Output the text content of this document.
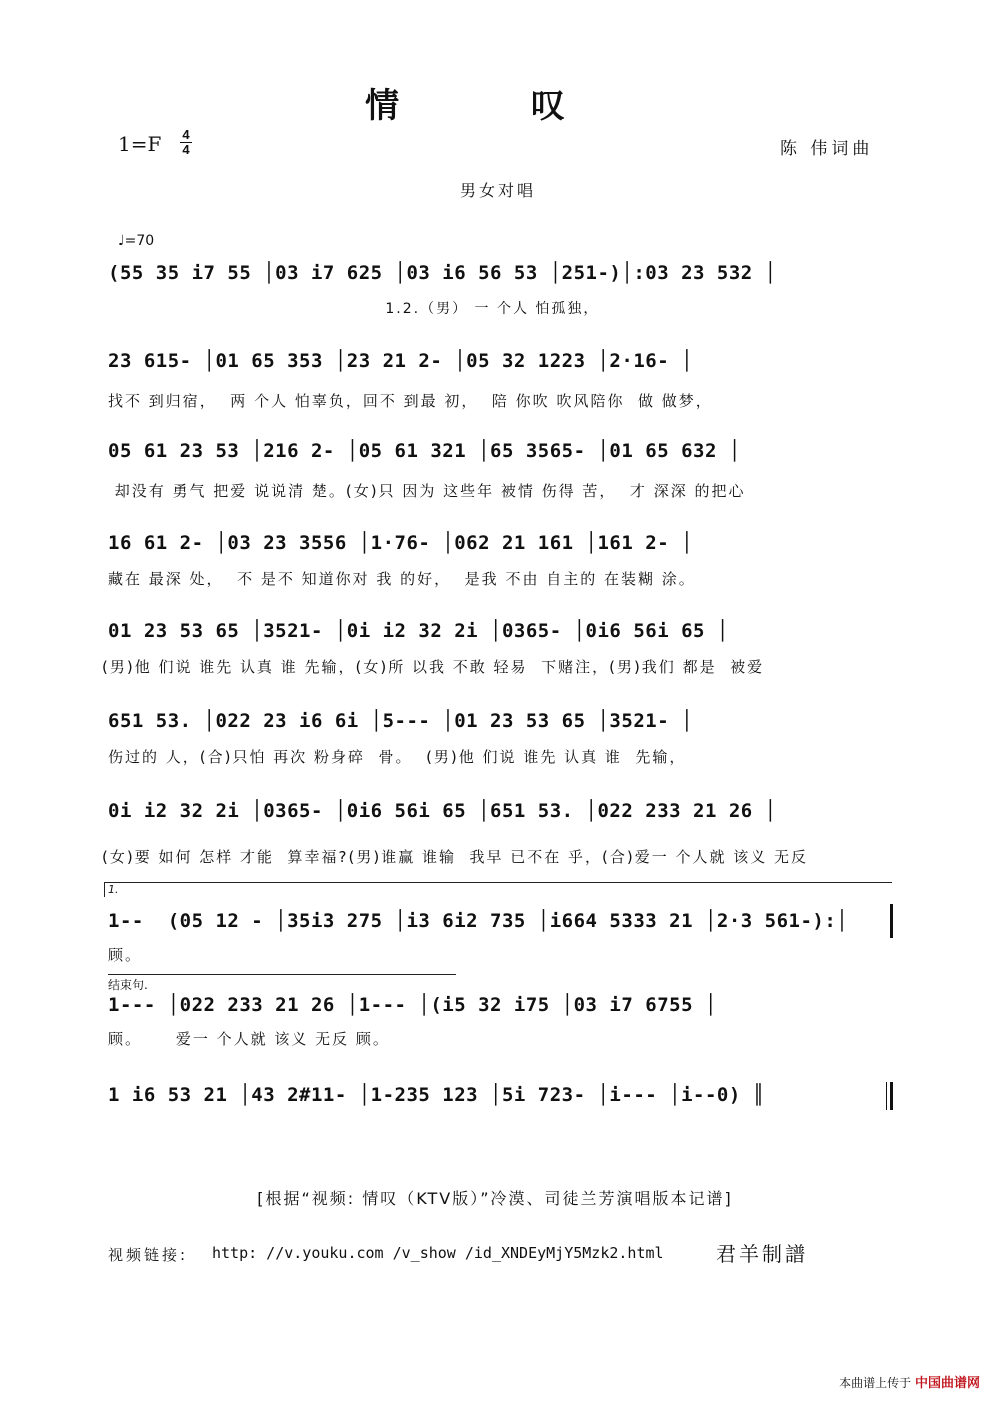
情 叹
1=F 4
4	陈 伟词曲
男女对唱
♩=70
(55 35 i7 55 │03 i7 625 │03 i6 56 53 │251-)│:03 23 532 │
1.2.（男） 一 个人 怕孤独，
23 615- │01 65 353 │23 21 2- │05 32 1223 │2·16- │
找不 到归宿，  两 个人 怕辜负，回不 到最 初，  陪 你吹 吹风陪你  做 做梦，
05 61 23 53 │216 2- │05 61 321 │65 3565- │01 65 632 │
却没有 勇气 把爱 说说清 楚。(女)只 因为 这些年 被情 伤得 苦，  才 深深 的把心
16 61 2- │03 23 3556 │1·76- │062 21 161 │161 2- │
藏在 最深 处，  不 是不 知道你对 我 的好，  是我 不由 自主的 在装糊 涂。
01 23 53 65 │3521- │0i i2 32 2i │0365- │0i6 56i 65 │
(男)他 们说 谁先 认真 谁 先输，(女)所 以我 不敢 轻易  下赌注，(男)我们 都是  被爱
651 53. │022 23 i6 6i │5--- │01 23 53 65 │3521- │
伤过的 人，(合)只怕 再次 粉身碎  骨。  (男)他 们说 谁先 认真 谁  先输，
0i i2 32 2i │0365- │0i6 56i 65 │651 53. │022 233 21 26 │
(女)要 如何 怎样 才能  算幸福?(男)谁赢 谁输  我早 已不在 乎，(合)爱一 个人就 该义 无反
1.
1--  (05 12 - │35i3 275 │i3 6i2 735 │i664 5333 21 │2·3 561-):│
顾。
结束句.
1--- │022 233 21 26 │1--- │(i5 32 i75 │03 i7 6755 │
顾。     爱一 个人就 该义 无反 顾。
1 i6 53 21 │43 2#11- │1-235 123 │5i 723- │i--- │i--0) ║
[根据“视频: 情叹（KTV版）”冷漠、司徒兰芳演唱版本记谱]
视频链接: http: //v.youku.com /v_show /id_XNDEyMjY5Mzk2.html	君羊制譜
本曲谱上传于 中国曲谱网
